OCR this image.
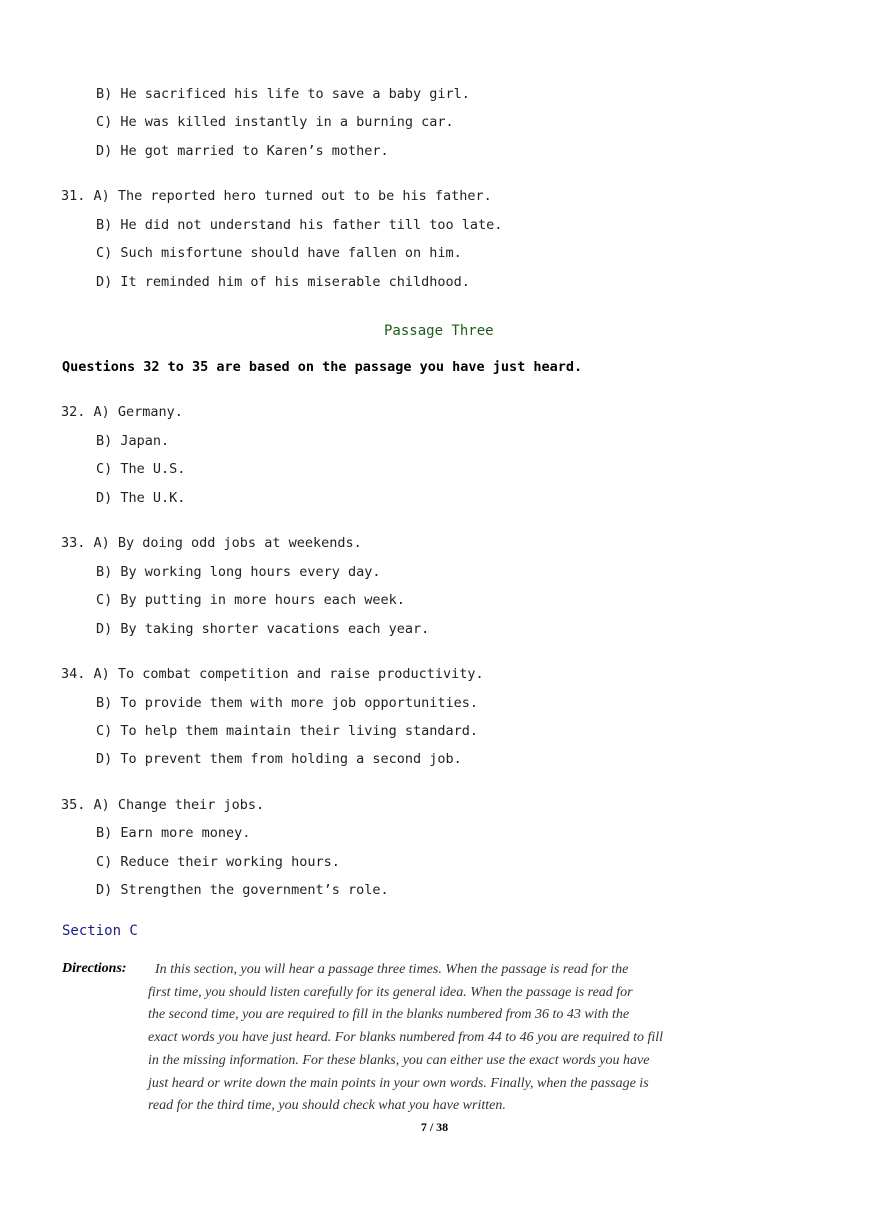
B) He sacrificed his life to save a baby girl.
C) He was killed instantly in a burning car.
D) He got married to Karen’s mother.
31. A) The reported hero turned out to be his father.
B) He did not understand his father till too late.
C) Such misfortune should have fallen on him.
D) It reminded him of his miserable childhood.
Passage Three
Questions 32 to 35 are based on the passage you have just heard.
32. A) Germany.
B) Japan.
C) The U.S.
D) The U.K.
33. A) By doing odd jobs at weekends.
B) By working long hours every day.
C) By putting in more hours each week.
D) By taking shorter vacations each year.
34. A) To combat competition and raise productivity.
B) To provide them with more job opportunities.
C) To help them maintain their living standard.
D) To prevent them from holding a second job.
35. A) Change their jobs.
B) Earn more money.
C) Reduce their working hours.
D) Strengthen the government’s role.
Section C
Directions: In this section, you will hear a passage three times. When the passage is read for the
first time, you should listen carefully for its general idea. When the passage is read for
the second time, you are required to fill in the blanks numbered from 36 to 43 with the
exact words you have just heard. For blanks numbered from 44 to 46 you are required to fill
in the missing information. For these blanks, you can either use the exact words you have
just heard or write down the main points in your own words. Finally, when the passage is
read for the third time, you should check what you have written.
7 / 38
